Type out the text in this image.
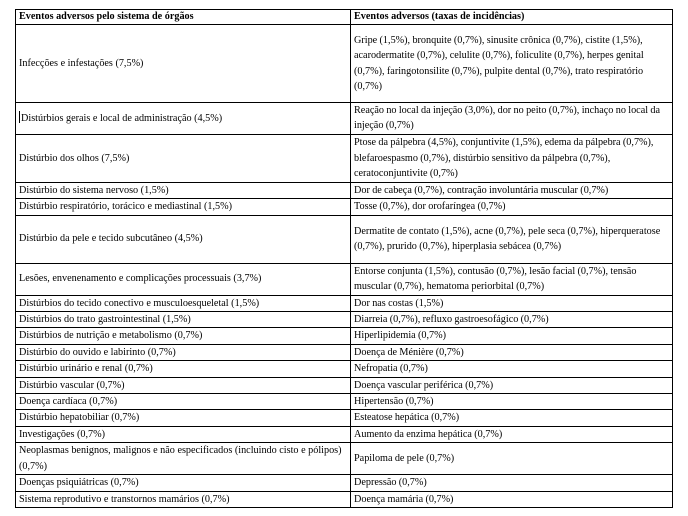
Eventos adversos pelo sistema de órgãos	Eventos adversos (taxas de incidências)
Infecções e infestações (7,5%)	Gripe (1,5%), bronquite (0,7%), sinusite crônica (0,7%), cistite (1,5%), acarodermatite (0,7%), celulite (0,7%), foliculite (0,7%), herpes genital (0,7%), faringotonsilite (0,7%), pulpite dental (0,7%), trato respiratório (0,7%)
Distúrbios gerais e local de administração (4,5%)	Reação no local da injeção (3,0%), dor no peito (0,7%), inchaço no local da injeção (0,7%)
Distúrbio dos olhos (7,5%)	Ptose da pálpebra (4,5%), conjuntivite (1,5%), edema da pálpebra (0,7%), blefaroespasmo (0,7%), distúrbio sensitivo da pálpebra (0,7%), ceratoconjuntivite (0,7%)
Distúrbio do sistema nervoso (1,5%)	Dor de cabeça (0,7%), contração involuntária muscular (0,7%)
Distúrbio respiratório, torácico e mediastinal (1,5%)	Tosse (0,7%), dor orofaríngea (0,7%)
Distúrbio da pele e tecido subcutâneo (4,5%)	Dermatite de contato (1,5%), acne (0,7%), pele seca (0,7%), hiperqueratose (0,7%), prurido (0,7%), hiperplasia sebácea (0,7%)
Lesões, envenenamento e complicações processuais (3,7%)	Entorse conjunta (1,5%), contusão (0,7%), lesão facial (0,7%), tensão muscular (0,7%), hematoma periorbital (0,7%)
Distúrbios do tecido conectivo e musculoesqueletal (1,5%)	Dor nas costas (1,5%)
Distúrbios do trato gastrointestinal (1,5%)	Diarreia (0,7%), refluxo gastroesofágico (0,7%)
Distúrbios de nutrição e metabolismo (0,7%)	Hiperlipidemia (0,7%)
Distúrbio do ouvido e labirinto (0,7%)	Doença de Ménière (0,7%)
Distúrbio urinário e renal (0,7%)	Nefropatia (0,7%)
Distúrbio vascular (0,7%)	Doença vascular periférica (0,7%)
Doença cardíaca (0,7%)	Hipertensão (0,7%)
Distúrbio hepatobiliar (0,7%)	Esteatose hepática (0,7%)
Investigações (0,7%)	Aumento da enzima hepática (0,7%)
Neoplasmas benignos, malignos e não especificados (incluindo cisto e pólipos) (0,7%)	Papiloma de pele (0,7%)
Doenças psiquiátricas (0,7%)	Depressão (0,7%)
Sistema reprodutivo e transtornos mamários (0,7%)	Doença mamária (0,7%)
